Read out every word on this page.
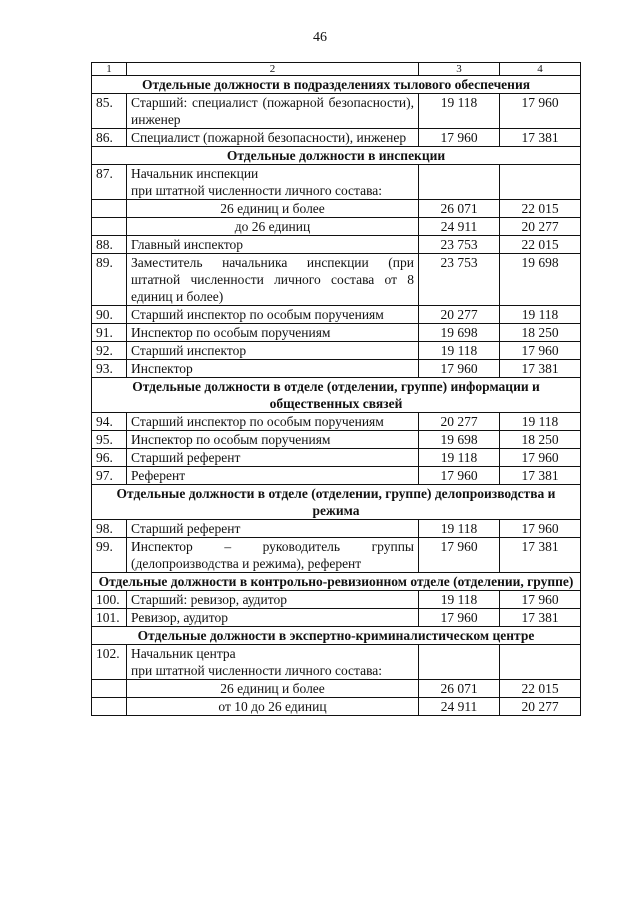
46
1	2	3	4
Отдельные должности в подразделениях тылового обеспечения			
85.	Старший: специалист (пожарной безопасности), инженер	19 118	17 960
86.	Специалист (пожарной безопасности), инженер	17 960	17 381
Отдельные должности в инспекции			
87.	Начальник инспекции
при штатной численности личного состава:		

	26 единиц и более	26 071	22 015

	до 26 единиц	24 911	20 277
88.	Главный инспектор	23 753	22 015
89.	Заместитель начальника инспекции (при штатной численности личного состава от 8 единиц и более)	23 753	19 698
90.	Старший инспектор по особым поручениям	20 277	19 118
91.	Инспектор по особым поручениям	19 698	18 250
92.	Старший инспектор	19 118	17 960
93.	Инспектор	17 960	17 381
Отдельные должности в отделе (отделении, группе) информации и общественных связей			
94.	Старший инспектор по особым поручениям	20 277	19 118
95.	Инспектор по особым поручениям	19 698	18 250
96.	Старший референт	19 118	17 960
97.	Референт	17 960	17 381
Отдельные должности в отделе (отделении, группе) делопроизводства и режима			
98.	Старший референт	19 118	17 960
99.	Инспектор – руководитель группы (делопроизводства и режима), референт	17 960	17 381
Отдельные должности в контрольно-ревизионном отделе (отделении, группе)			
100.	Старший: ревизор, аудитор	19 118	17 960
101.	Ревизор, аудитор	17 960	17 381
Отдельные должности в экспертно-криминалистическом центре			
102.	Начальник центра
при штатной численности личного состава:		

	26 единиц и более	26 071	22 015

	от 10 до 26 единиц	24 911	20 277
